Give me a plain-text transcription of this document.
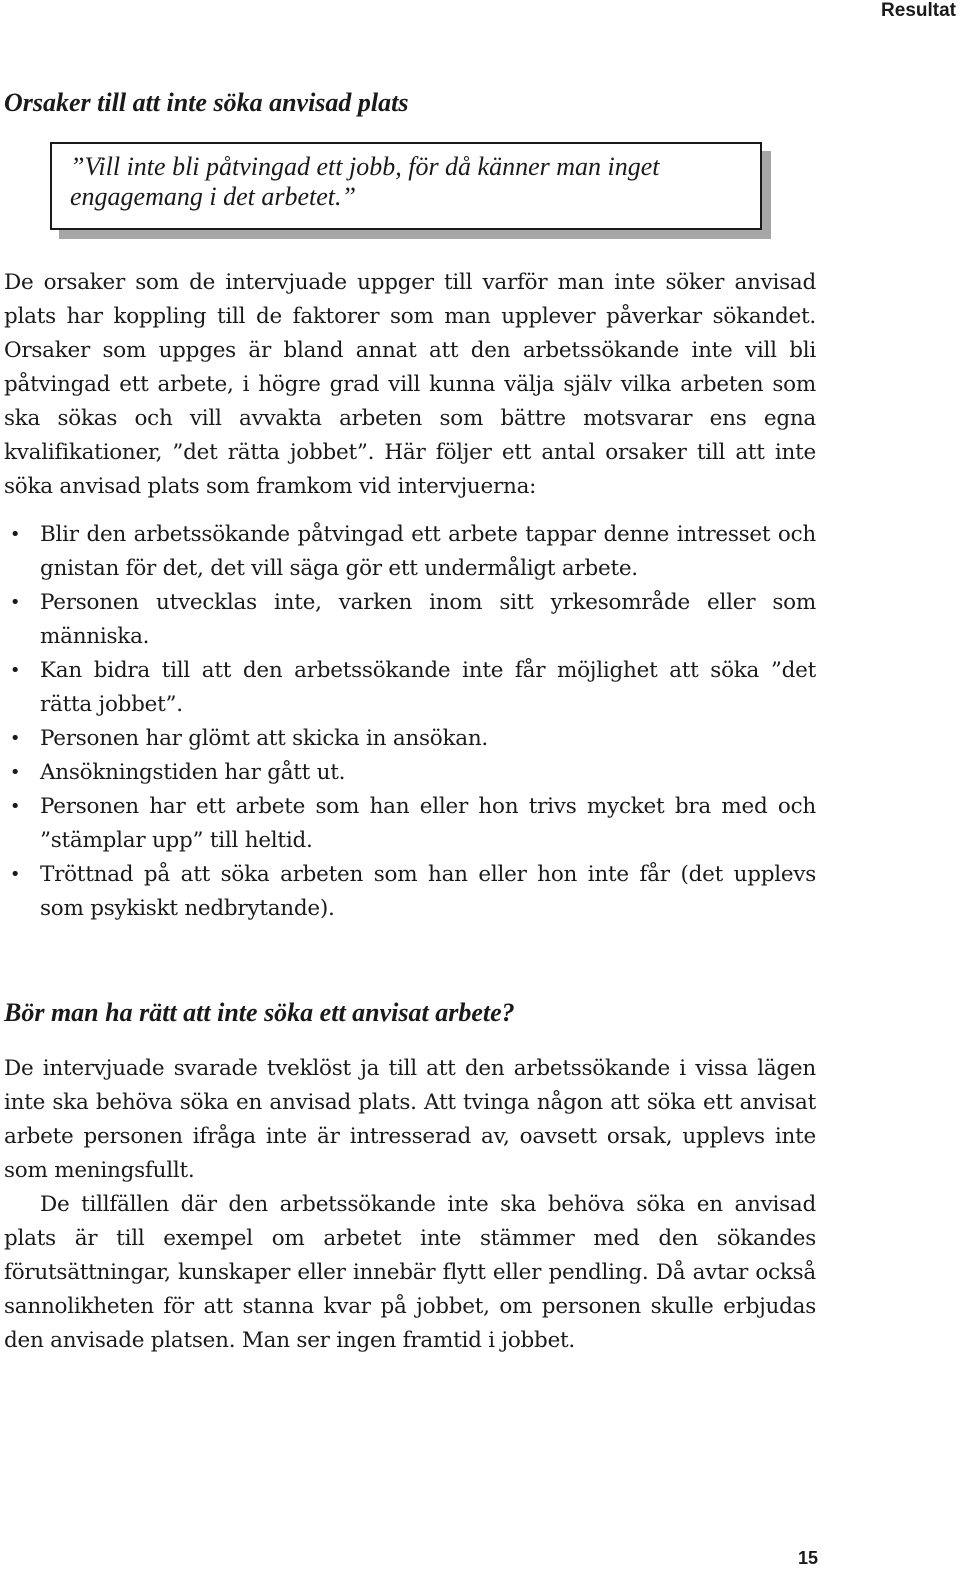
Resultat
Orsaker till att inte söka anvisad plats
”Vill inte bli påtvingad ett jobb, för då känner man inget engagemang i det arbetet.”

De orsaker som de intervjuade uppger till varför man inte söker anvisad plats har koppling till de faktorer som man upplever påverkar sökandet. Orsaker som uppges är bland annat att den arbetssökande inte vill bli påtvingad ett arbete, i högre grad vill kunna välja själv vilka arbeten som ska sökas och vill avvakta arbeten som bättre motsvarar ens egna kvalifikationer, ”det rätta jobbet”. Här följer ett antal orsaker till att inte söka anvisad plats som framkom vid intervjuerna:

• Blir den arbetssökande påtvingad ett arbete tappar denne intresset och gnistan för det, det vill säga gör ett undermåligt arbete.
• Personen utvecklas inte, varken inom sitt yrkesområde eller som människa.
• Kan bidra till att den arbetssökande inte får möjlighet att söka ”det rätta jobbet”.
• Personen har glömt att skicka in ansökan.
• Ansökningstiden har gått ut.
• Personen har ett arbete som han eller hon trivs mycket bra med och ”stämplar upp” till heltid.
• Tröttnad på att söka arbeten som han eller hon inte får (det upplevs som psykiskt nedbrytande).
Bör man ha rätt att inte söka ett anvisat arbete?

De intervjuade svarade tveklöst ja till att den arbetssökande i vissa lägen inte ska behöva söka en anvisad plats. Att tvinga någon att söka ett anvisat arbete personen ifråga inte är intresserad av, oavsett orsak, upplevs inte som meningsfullt.

De tillfällen där den arbetssökande inte ska behöva söka en anvisad plats är till exempel om arbetet inte stämmer med den sökandes förutsättningar, kunskaper eller innebär flytt eller pendling. Då avtar också sannolikheten för att stanna kvar på jobbet, om personen skulle erbjudas den anvisade platsen. Man ser ingen framtid i jobbet.

15
